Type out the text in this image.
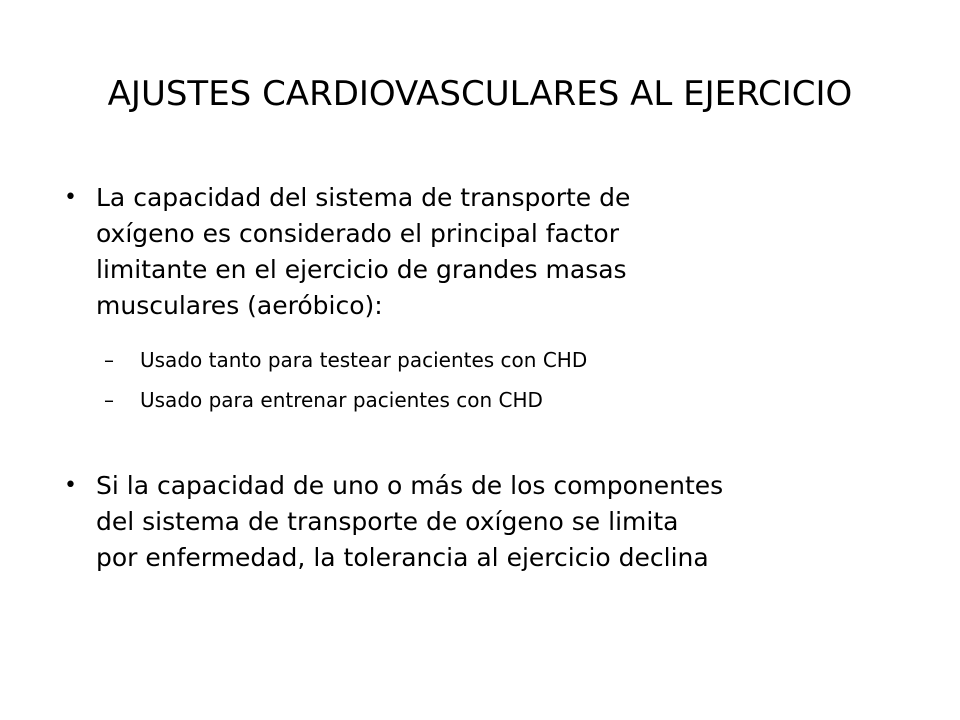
AJUSTES CARDIOVASCULARES AL EJERCICIO
• La capacidad del sistema de transporte de
oxígeno es considerado el principal factor
limitante en el ejercicio de grandes masas
musculares (aeróbico):
– Usado tanto para testear pacientes con CHD
– Usado para entrenar pacientes con CHD
• Si la capacidad de uno o más de los componentes
del sistema de transporte de oxígeno se limita
por enfermedad, la tolerancia al ejercicio declina
